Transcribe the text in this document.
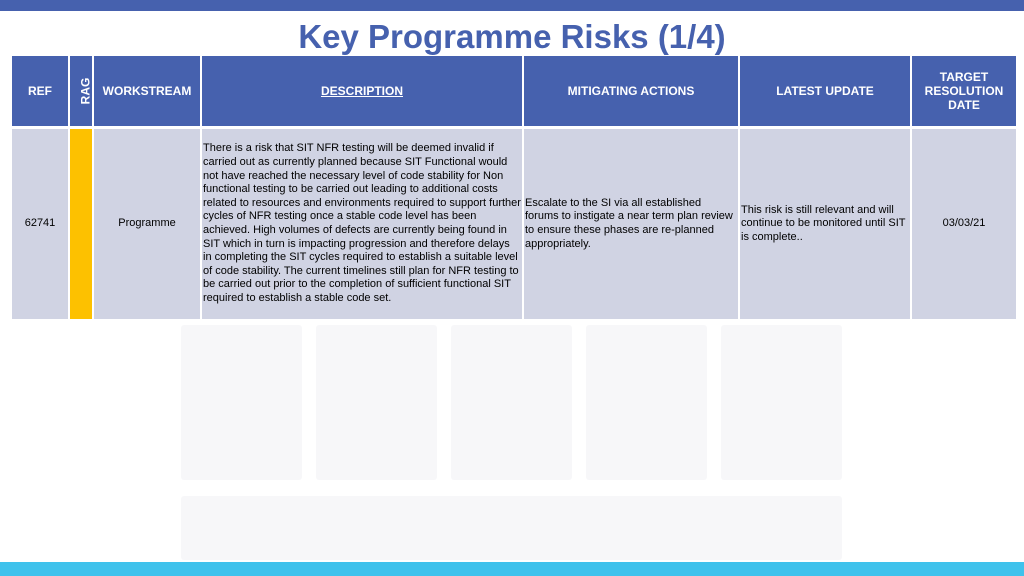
Key Programme Risks (1/4)
REF	RAG	WORKSTREAM	DESCRIPTION	MITIGATING ACTIONS	LATEST UPDATE	TARGET RESOLUTION DATE

62741		Programme	There is a risk that SIT NFR testing will be deemed invalid if carried out as currently planned because SIT Functional would not have reached the necessary level of code stability for Non functional testing to be carried out leading to additional costs related to resources and environments required to support further cycles of NFR testing once a stable code level has been achieved. High volumes of defects are currently being found in SIT which in turn is impacting progression and therefore delays in completing the SIT cycles required to establish a suitable level of code stability. The current timelines still plan for NFR testing to be carried out prior to the completion of sufficient functional SIT required to establish a stable code set.	Escalate to the SI via all established forums to instigate a near term plan review to ensure these phases are re-planned appropriately.	This risk is still relevant and will continue to be monitored until SIT is complete..	03/03/21
